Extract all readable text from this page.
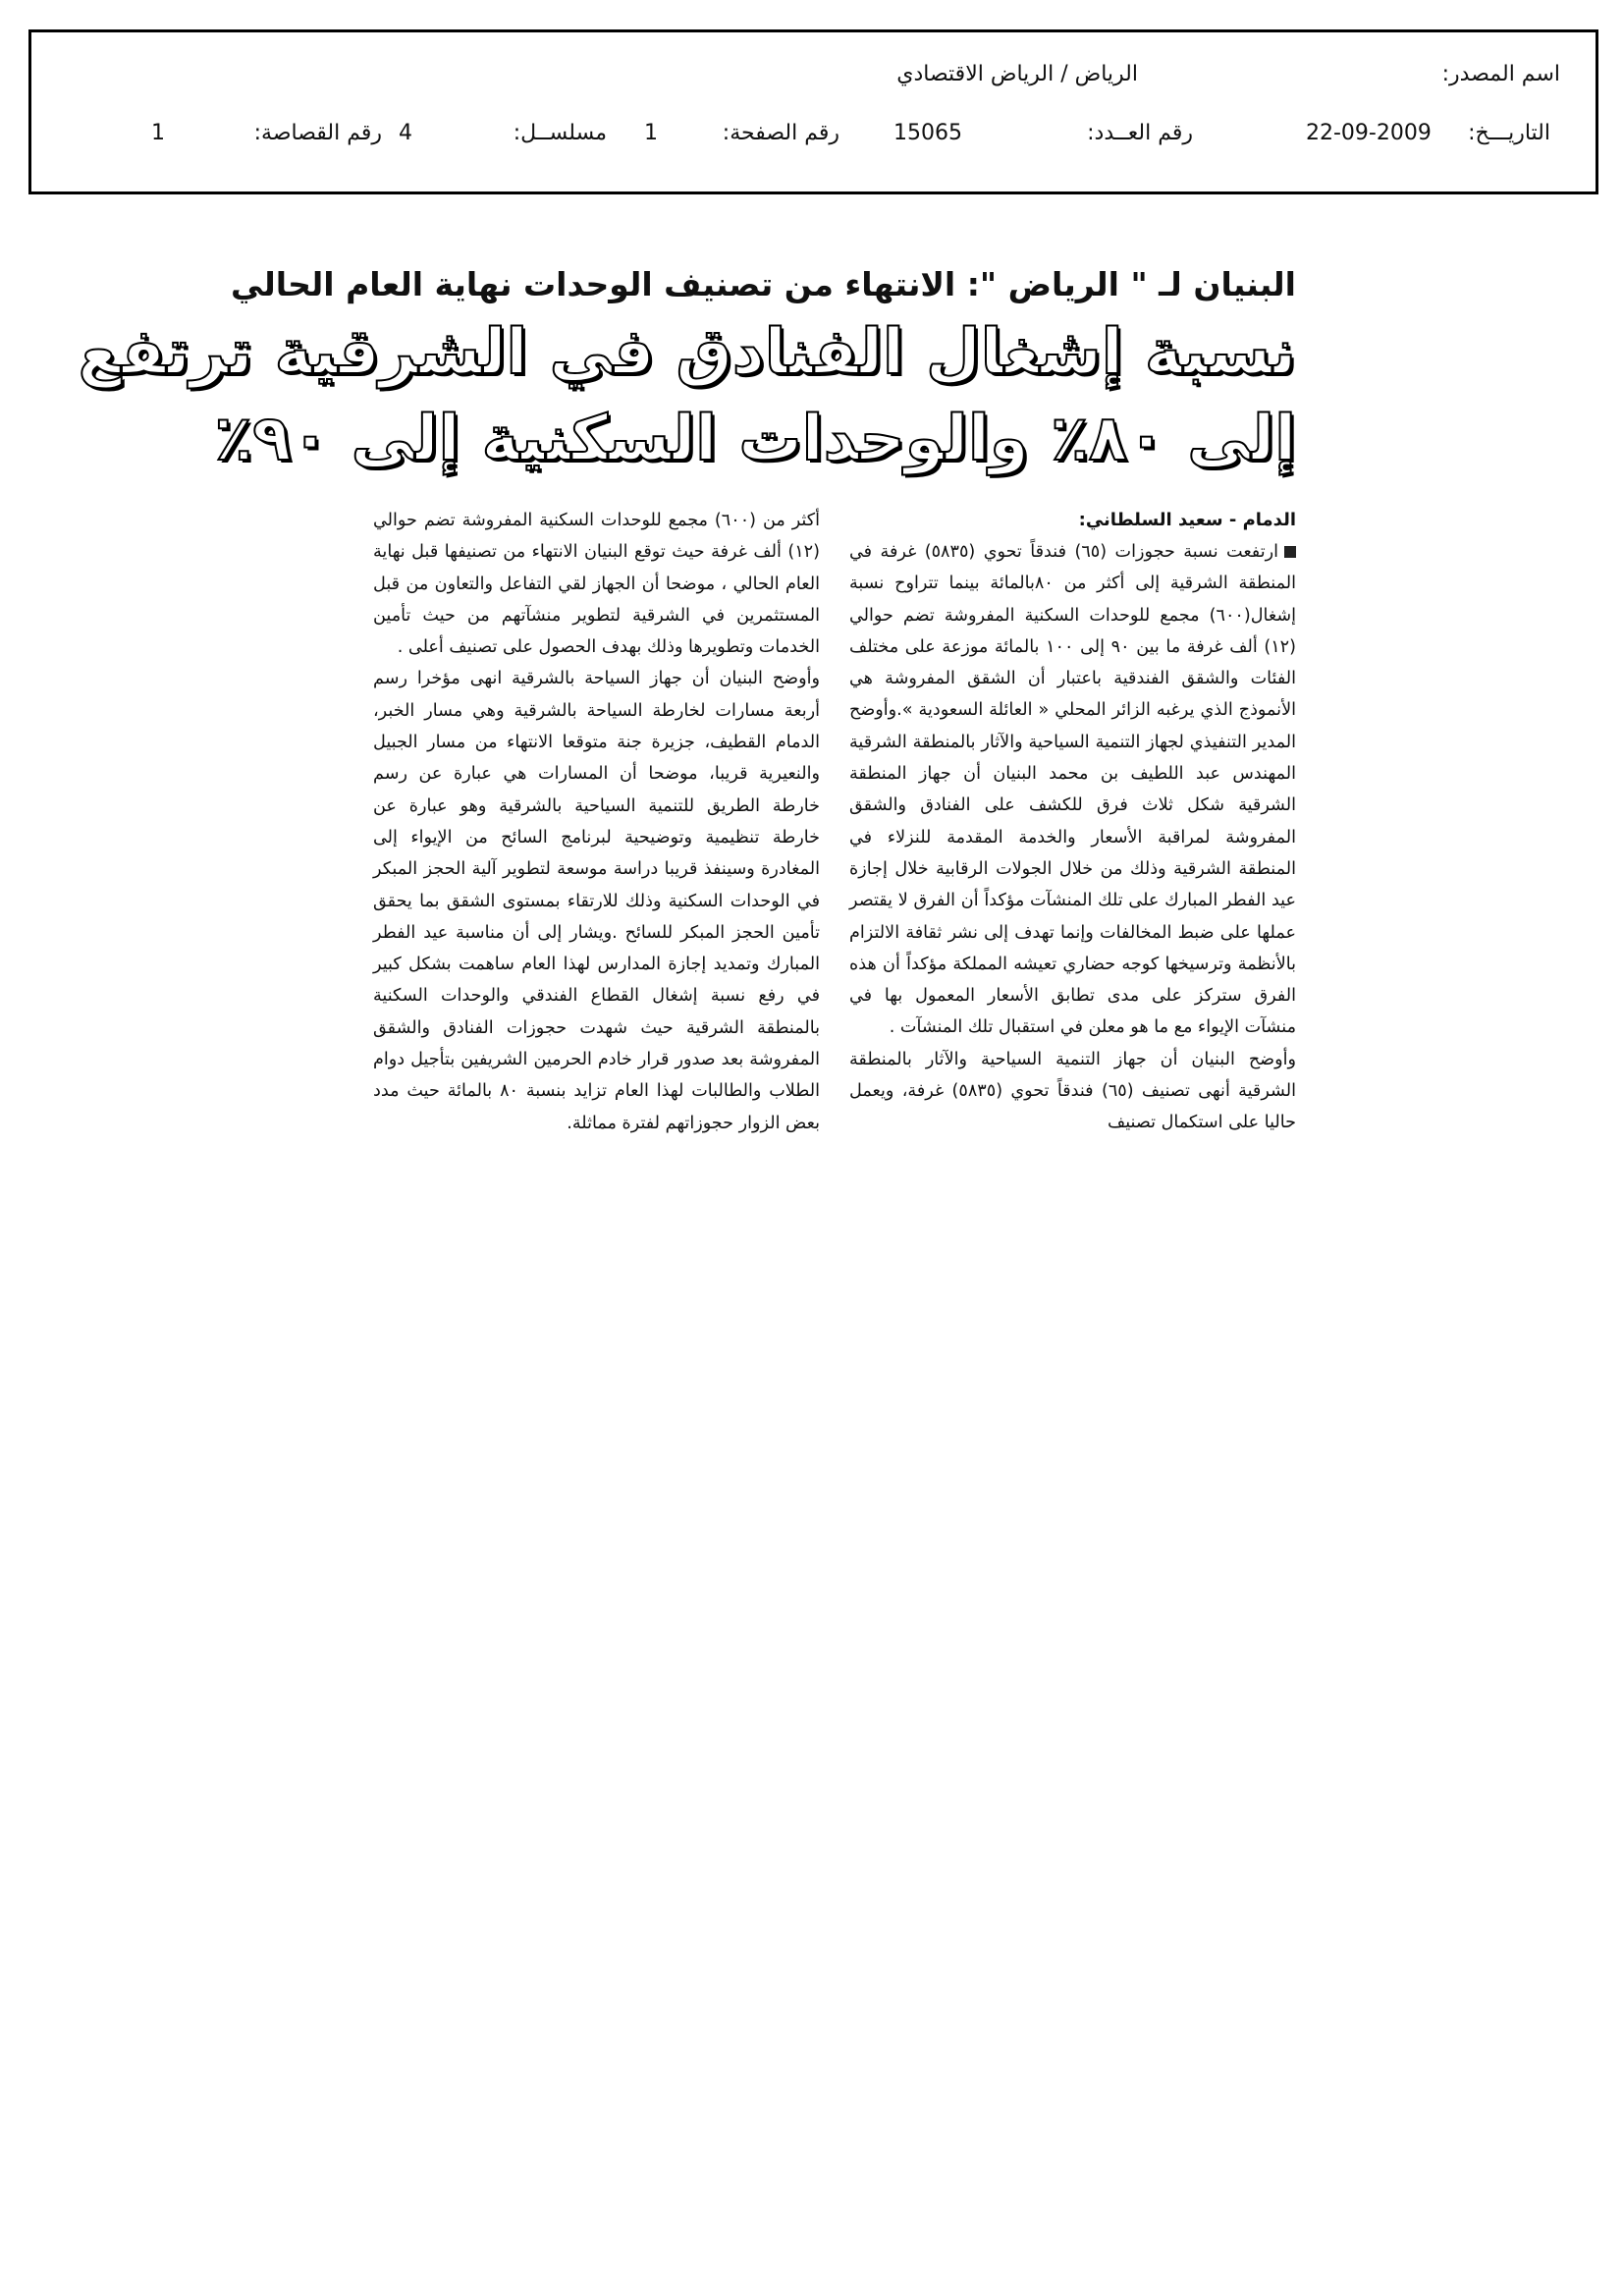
اسم المصدر:
الرياض / الرياض الاقتصادي
التاريـــخ:
22-09-2009
رقم العــدد:
15065
رقم الصفحة:
1
مسلســل:
4
رقم القصاصة:
1
البنيان لـ " الرياض ": الانتهاء من تصنيف الوحدات نهاية العام الحالي
نسبة إشغال الفنادق في الشرقية ترتفع
إلى ٨٠٪ والوحدات السكنية إلى ٩٠٪

الدمام - سعيد السلطاني:

ارتفعت نسبة حجوزات (٦٥) فندقاً تحوي (٥٨٣٥) غرفة في المنطقة الشرقية إلى أكثر من ٨٠بالمائة بينما تتراوح نسبة إشغال(٦٠٠) مجمع للوحدات السكنية المفروشة تضم حوالي (١٢) ألف غرفة ما بين ٩٠ إلى ١٠٠ بالمائة موزعة على مختلف الفئات والشقق الفندقية باعتبار أن الشقق المفروشة هي الأنموذج الذي يرغبه الزائر المحلي « العائلة السعودية ».وأوضح المدير التنفيذي لجهاز التنمية السياحية والآثار بالمنطقة الشرقية المهندس عبد اللطيف بن محمد البنيان أن جهاز المنطقة الشرقية شكل ثلاث فرق للكشف على الفنادق والشقق المفروشة لمراقبة الأسعار والخدمة المقدمة للنزلاء في المنطقة الشرقية وذلك من خلال الجولات الرقابية خلال إجازة عيد الفطر المبارك على تلك المنشآت مؤكداً أن الفرق لا يقتصر عملها على ضبط المخالفات وإنما تهدف إلى نشر ثقافة الالتزام بالأنظمة وترسيخها كوجه حضاري تعيشه المملكة مؤكداً أن هذه الفرق ستركز على مدى تطابق الأسعار المعمول بها في منشآت الإيواء مع ما هو معلن في استقبال تلك المنشآت .

وأوضح البنيان أن جهاز التنمية السياحية والآثار بالمنطقة الشرقية أنهى تصنيف (٦٥) فندقاً تحوي (٥٨٣٥) غرفة، ويعمل حاليا على استكمال تصنيف

أكثر من (٦٠٠) مجمع للوحدات السكنية المفروشة تضم حوالي (١٢) ألف غرفة حيث توقع البنيان الانتهاء من تصنيفها قبل نهاية العام الحالي ، موضحا أن الجهاز لقي التفاعل والتعاون من قبل المستثمرين في الشرقية لتطوير منشآتهم من حيث تأمين الخدمات وتطويرها وذلك بهدف الحصول على تصنيف أعلى .

وأوضح البنيان أن جهاز السياحة بالشرقية انهى مؤخرا رسم أربعة مسارات لخارطة السياحة بالشرقية وهي مسار الخبر، الدمام القطيف، جزيرة جنة متوقعا الانتهاء من مسار الجبيل والنعيرية قريبا، موضحا أن المسارات هي عبارة عن رسم خارطة الطريق للتنمية السياحية بالشرقية وهو عبارة عن خارطة تنظيمية وتوضيحية لبرنامج السائح من الإيواء إلى المغادرة وسينفذ قريبا دراسة موسعة لتطوير آلية الحجز المبكر في الوحدات السكنية وذلك للارتقاء بمستوى الشقق بما يحقق تأمين الحجز المبكر للسائح .ويشار إلى أن مناسبة عيد الفطر المبارك وتمديد إجازة المدارس لهذا العام ساهمت بشكل كبير في رفع نسبة إشغال القطاع الفندقي والوحدات السكنية بالمنطقة الشرقية حيث شهدت حجوزات الفنادق والشقق المفروشة بعد صدور قرار خادم الحرمين الشريفين بتأجيل دوام الطلاب والطالبات لهذا العام تزايد بنسبة ٨٠ بالمائة حيث مدد بعض الزوار حجوزاتهم لفترة مماثلة.
